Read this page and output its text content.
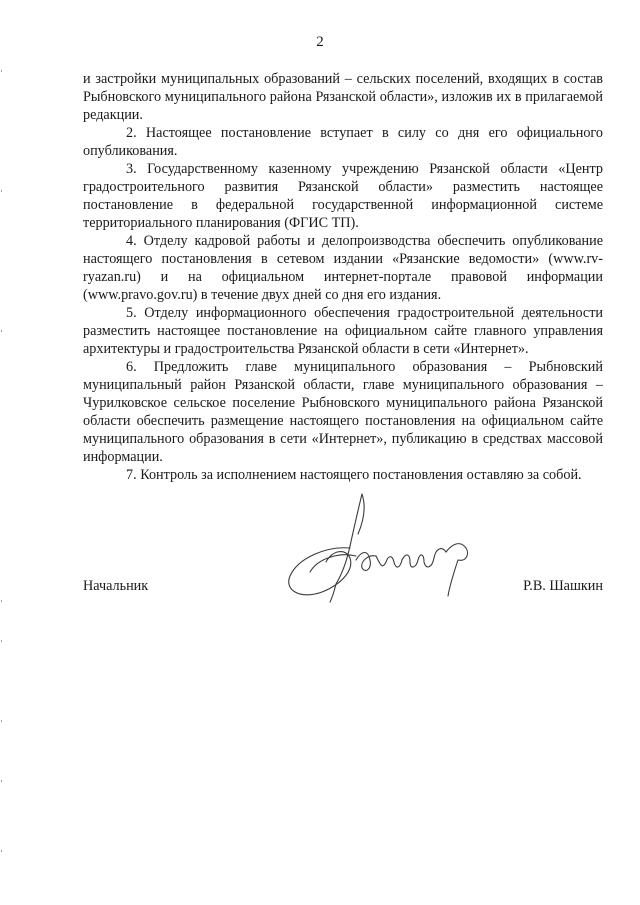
2

и застройки муниципальных образований – сельских поселений, входящих в состав Рыбновского муниципального района Рязанской области», изложив их в прилагаемой редакции.

2. Настоящее постановление вступает в силу со дня его официального опубликования.

3. Государственному казенному учреждению Рязанской области «Центр градостроительного развития Рязанской области» разместить настоящее постановление в федеральной государственной информационной системе территориального планирования (ФГИС ТП).

4. Отделу кадровой работы и делопроизводства обеспечить опубликование настоящего постановления в сетевом издании «Рязанские ведомости» (www.rv-ryazan.ru) и на официальном интернет-портале правовой информации (www.pravo.gov.ru) в течение двух дней со дня его издания.

5. Отделу информационного обеспечения градостроительной деятельности разместить настоящее постановление на официальном сайте главного управления архитектуры и градостроительства Рязанской области в сети «Интернет».

6. Предложить главе муниципального образования – Рыбновский муниципальный район Рязанской области, главе муниципального образования – Чурилковское сельское поселение Рыбновского муниципального района Рязанской области обеспечить размещение настоящего постановления на официальном сайте муниципального образования в сети «Интернет», публикацию в средствах массовой информации.

7. Контроль за исполнением настоящего постановления оставляю за собой.

Начальник	Р.В. Шашкин
